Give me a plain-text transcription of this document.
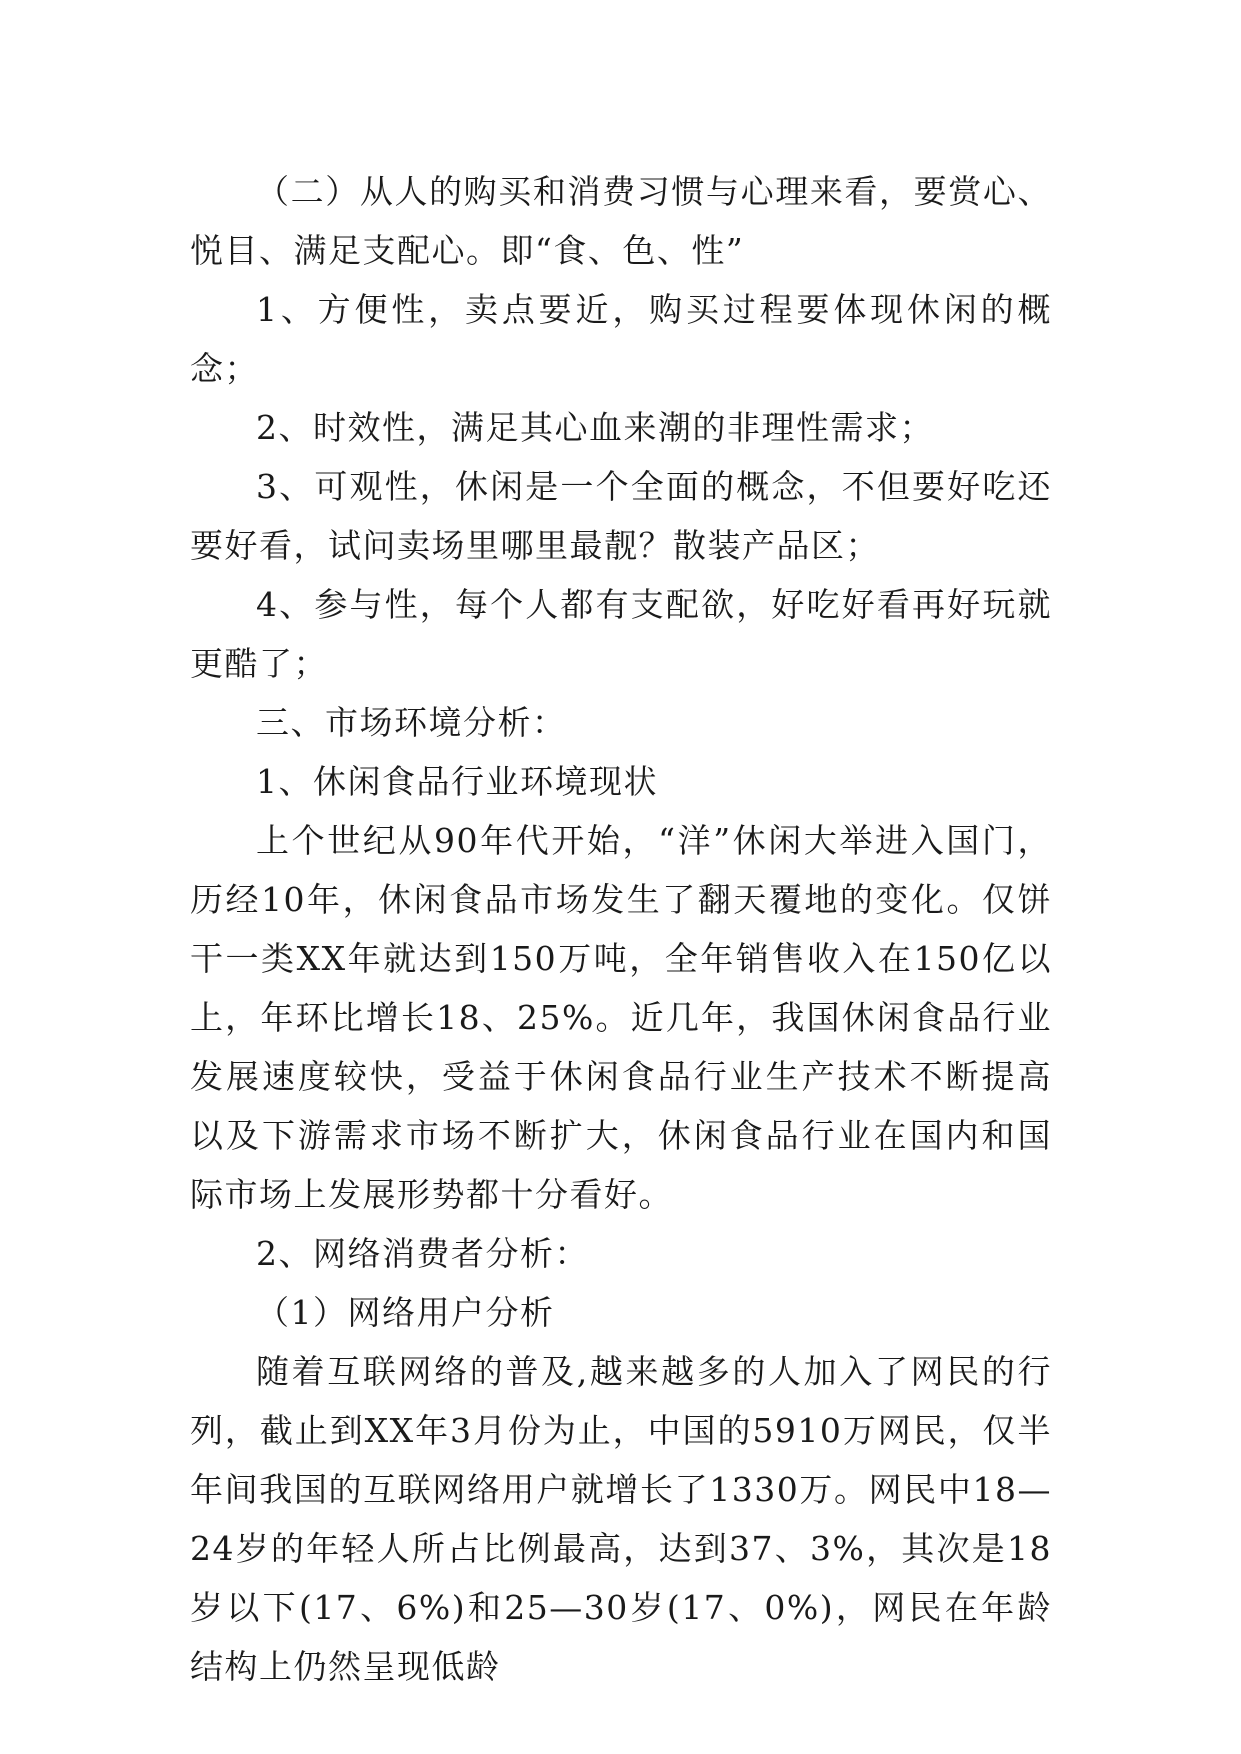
（二）从人的购买和消费习惯与心理来看，要赏心、悦目、满足支配心。即“食、色、性”

1、方便性，卖点要近，购买过程要体现休闲的概念；

2、时效性，满足其心血来潮的非理性需求；

3、可观性，休闲是一个全面的概念，不但要好吃还要好看，试问卖场里哪里最靓？散装产品区；

4、参与性，每个人都有支配欲，好吃好看再好玩就更酷了；

三、市场环境分析：

1、休闲食品行业环境现状

上个世纪从90年代开始，“洋”休闲大举进入国门，历经10年，休闲食品市场发生了翻天覆地的变化。仅饼干一类XX年就达到150万吨，全年销售收入在150亿以上，年环比增长18、25%。近几年，我国休闲食品行业发展速度较快，受益于休闲食品行业生产技术不断提高以及下游需求市场不断扩大，休闲食品行业在国内和国际市场上发展形势都十分看好。

2、网络消费者分析：

（1）网络用户分析

随着互联网络的普及,越来越多的人加入了网民的行列，截止到XX年3月份为止，中国的5910万网民，仅半年间我国的互联网络用户就增长了1330万。网民中18—24岁的年轻人所占比例最高，达到37、3%，其次是18岁以下(17、6%)和25—30岁(17、0%)，网民在年龄结构上仍然呈现低龄
